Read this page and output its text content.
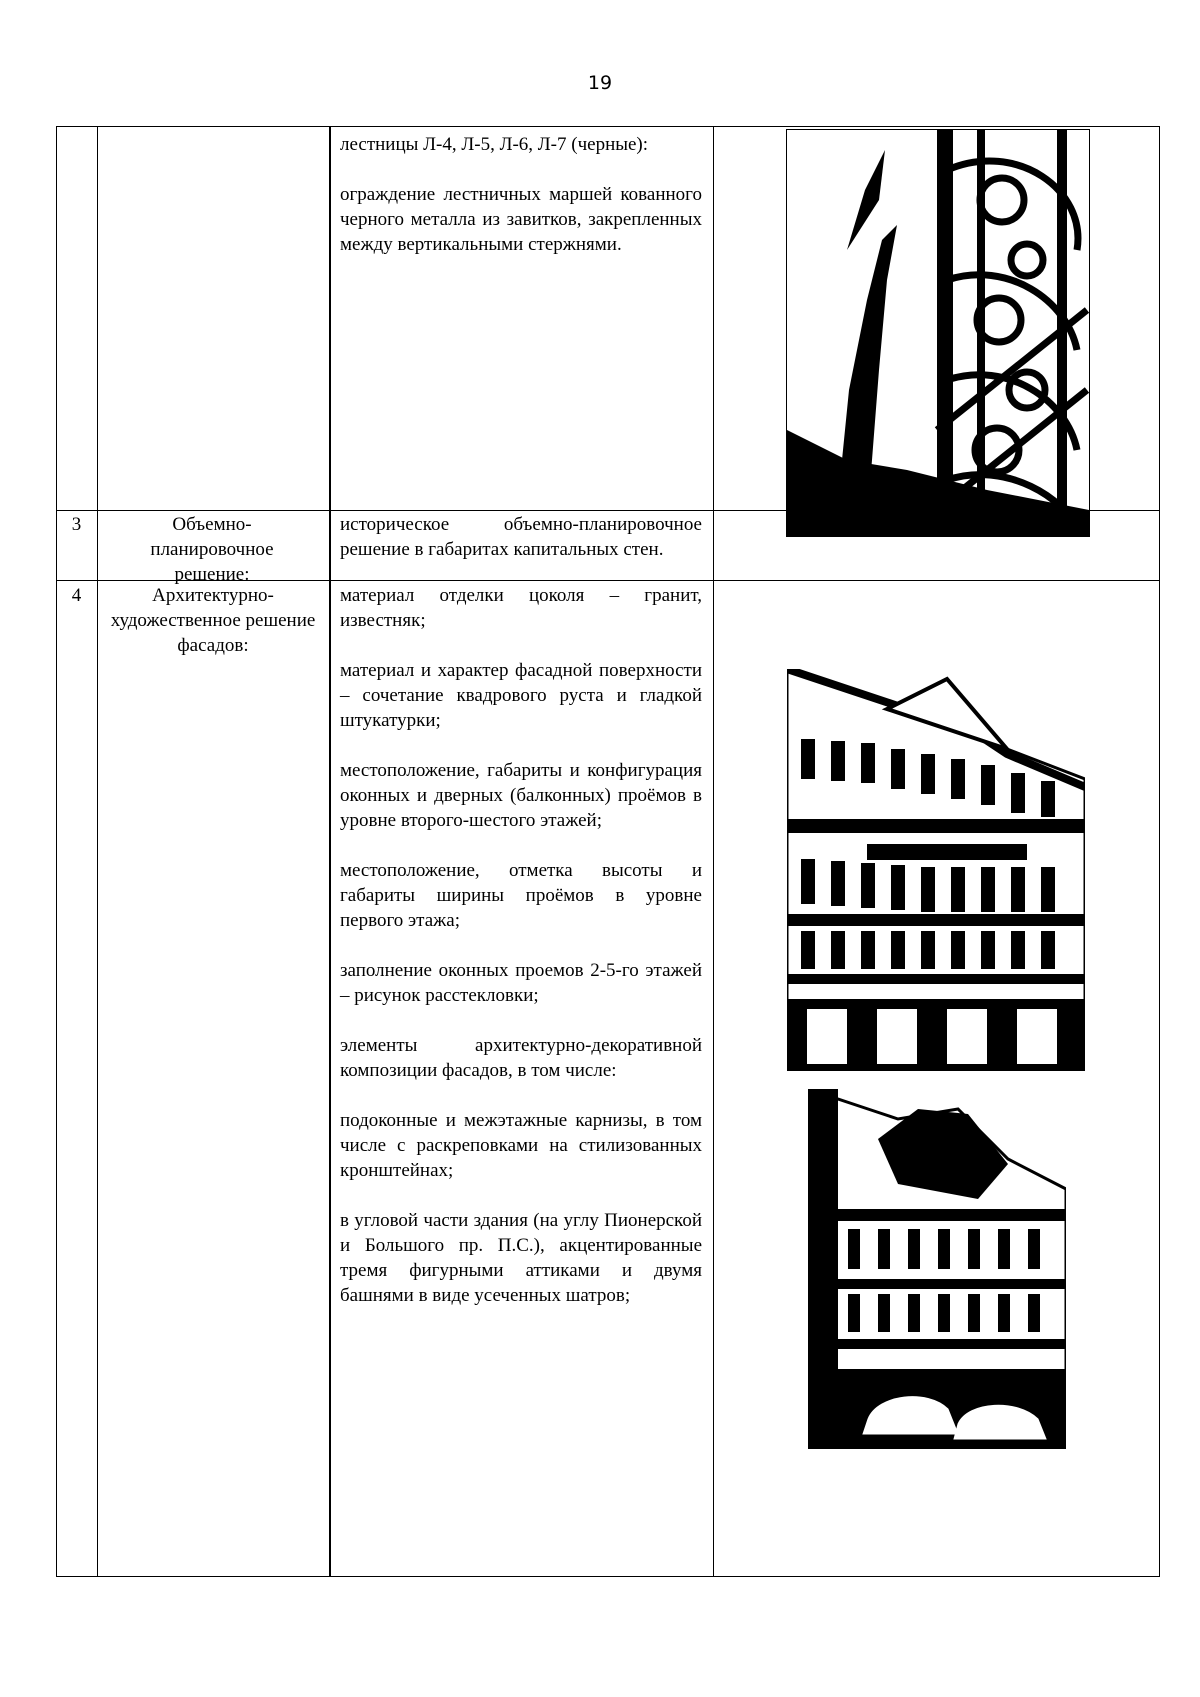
19

лестницы Л-4, Л-5, Л-6, Л-7 (черные):

ограждение лестничных маршей кованного черного металла из завитков, закрепленных между вертикальными стержнями.

3	Объемно-планировочное решение:

историческое объемно-планировочное решение в габаритах капитальных стен.

4	Архитектурно-художественное решение фасадов:

материал отделки цоколя – гранит, известняк;

материал и характер фасадной поверхности – сочетание квадрового руста и гладкой штукатурки;

местоположение, габариты и конфигурация оконных и дверных (балконных) проёмов в уровне второго-шестого этажей;

местоположение, отметка высоты и габариты ширины проёмов в уровне первого этажа;

заполнение оконных проемов 2-5-го этажей – рисунок расстекловки;

элементы архитектурно-декоративной композиции фасадов, в том числе:

подоконные и межэтажные карнизы, в том числе с раскреповками на стилизованных кронштейнах;

в угловой части здания (на углу Пионерской и Большого пр. П.С.), акцентированные тремя фигурными аттиками и двумя башнями в виде усеченных шатров;
